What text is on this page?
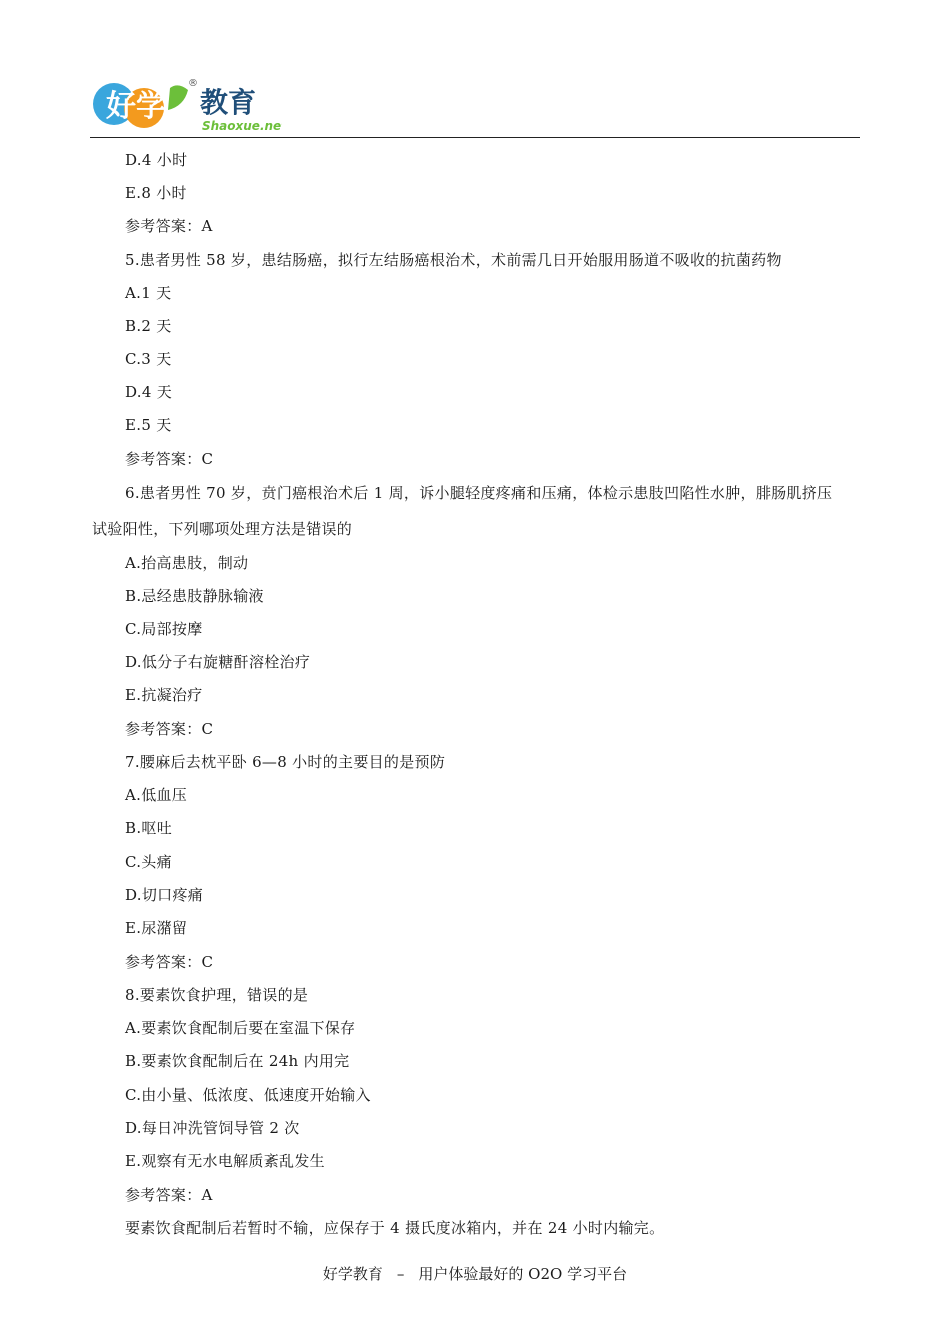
好学 教育
®
Shaoxue.net
D.4 小时
E.8 小时
参考答案：A
5.患者男性 58 岁，患结肠癌，拟行左结肠癌根治术，术前需几日开始服用肠道不吸收的抗菌药物
A.1 天
B.2 天
C.3 天
D.4 天
E.5 天
参考答案：C
6.患者男性 70 岁，贲门癌根治术后 1 周，诉小腿轻度疼痛和压痛，体检示患肢凹陷性水肿，腓肠肌挤压
试验阳性，下列哪项处理方法是错误的
A.抬高患肢，制动
B.忌经患肢静脉输液
C.局部按摩
D.低分子右旋糖酐溶栓治疗
E.抗凝治疗
参考答案：C
7.腰麻后去枕平卧 6—8 小时的主要目的是预防
A.低血压
B.呕吐
C.头痛
D.切口疼痛
E.尿潴留
参考答案：C
8.要素饮食护理，错误的是
A.要素饮食配制后要在室温下保存
B.要素饮食配制后在 24h 内用完
C.由小量、低浓度、低速度开始输入
D.每日冲洗管饲导管 2 次
E.观察有无水电解质紊乱发生
参考答案：A
要素饮食配制后若暂时不输，应保存于 4 摄氏度冰箱内，并在 24 小时内输完。
好学教育 – 用户体验最好的 O2O 学习平台
